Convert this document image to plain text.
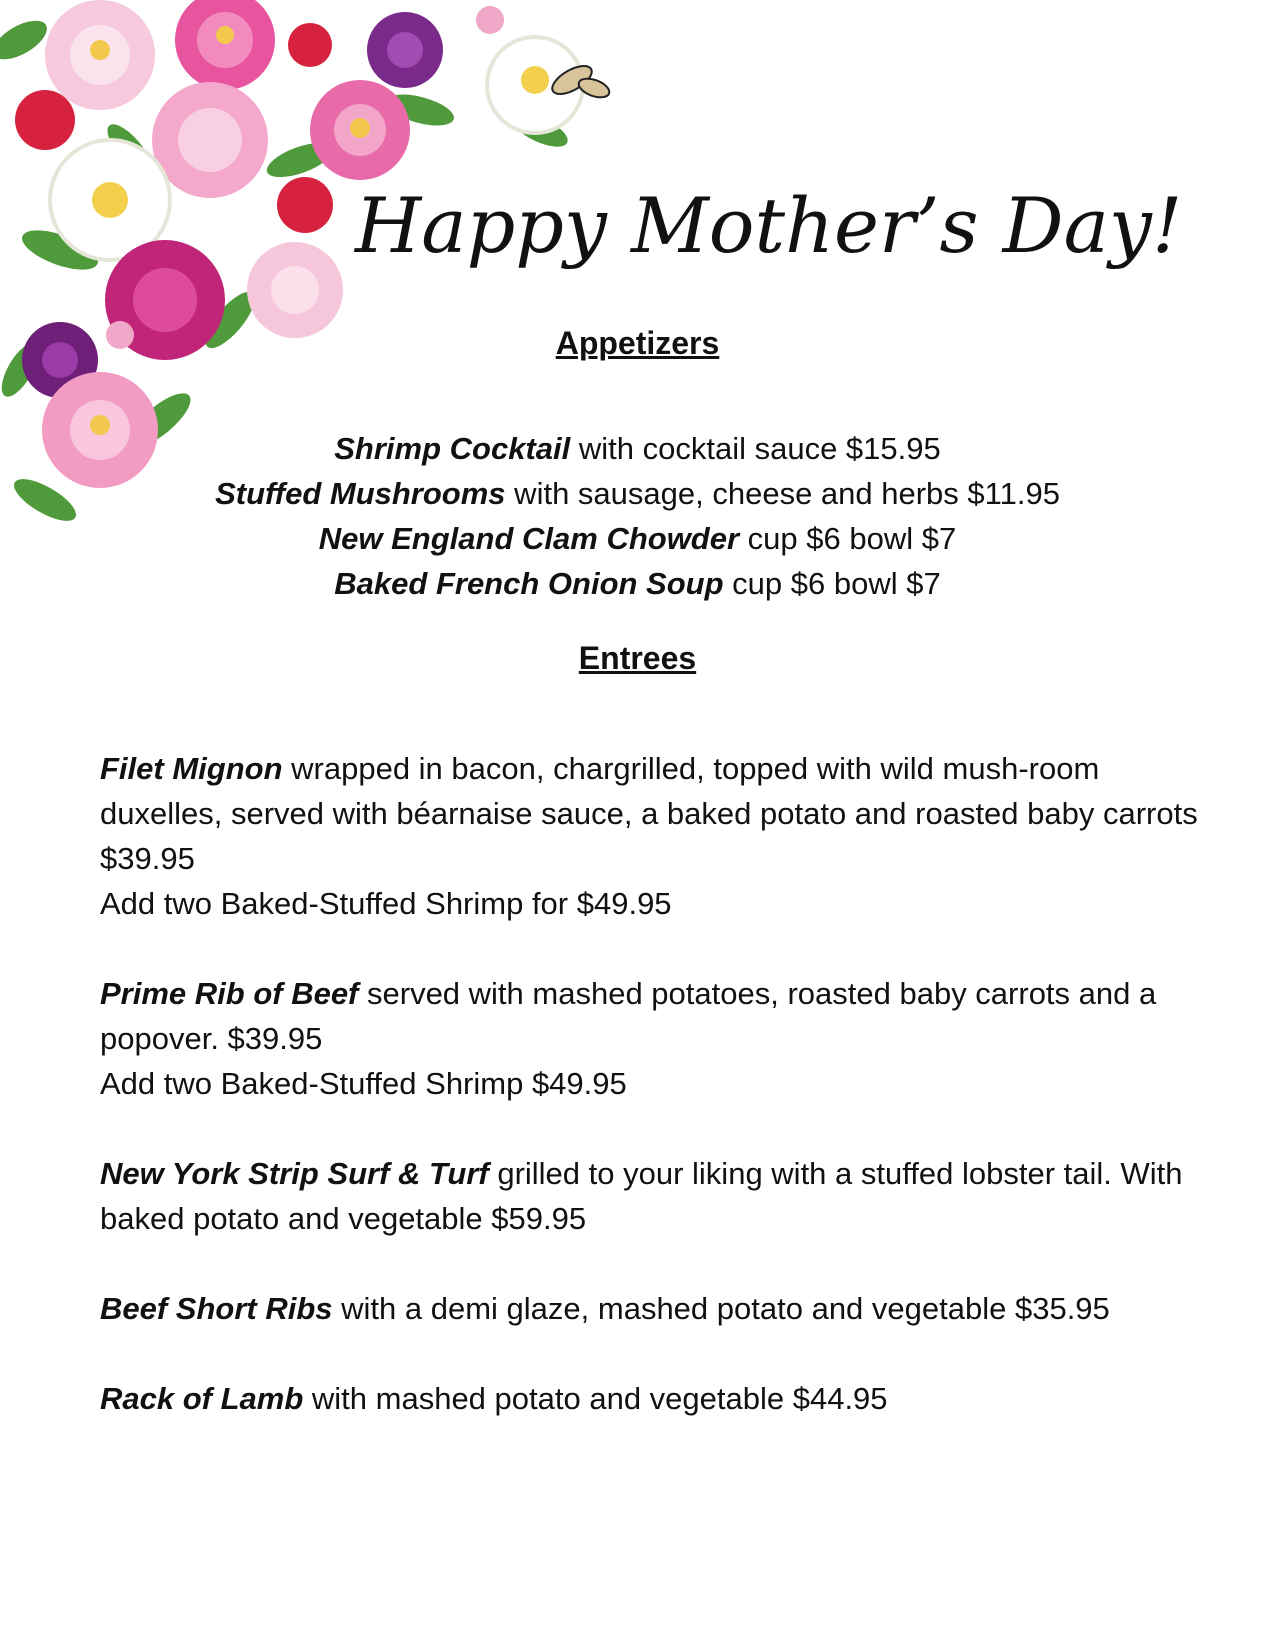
Happy Mother’s Day!
Appetizers
Shrimp Cocktail with cocktail sauce $15.95
Stuffed Mushrooms with sausage, cheese and herbs $11.95
New England Clam Chowder cup $6 bowl $7
Baked French Onion Soup cup $6 bowl $7
Entrees
Filet Mignon wrapped in bacon, chargrilled, topped with wild mush-room duxelles, served with béarnaise sauce, a baked potato and roasted baby carrots $39.95
Add two Baked-Stuffed Shrimp for $49.95
Prime Rib of Beef served with mashed potatoes, roasted baby carrots and a popover. $39.95
Add two Baked-Stuffed Shrimp $49.95
New York Strip Surf & Turf grilled to your liking with a stuffed lobster tail. With baked potato and vegetable $59.95
Beef Short Ribs with a demi glaze, mashed potato and vegetable $35.95
Rack of Lamb with mashed potato and vegetable $44.95
